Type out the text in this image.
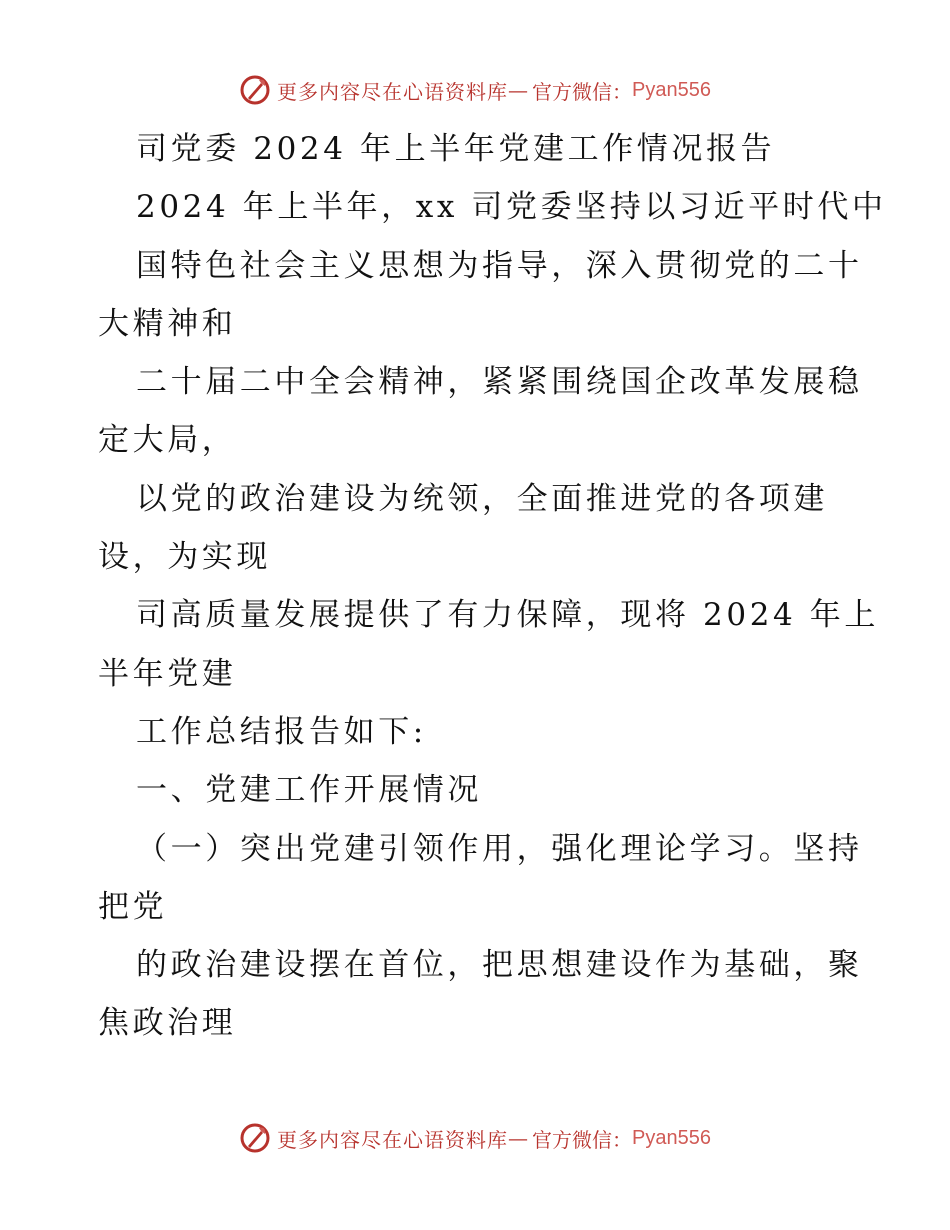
更多内容尽在心语资料库 — 官方微信： Pyan556
司党委 2024 年上半年党建工作情况报告
2024 年上半年，xx 司党委坚持以习近平时代中
国特色社会主义思想为指导，深入贯彻党的二十
大精神和
二十届二中全会精神，紧紧围绕国企改革发展稳
定大局，
以党的政治建设为统领，全面推进党的各项建
设，为实现
司高质量发展提供了有力保障，现将 2024 年上
半年党建
工作总结报告如下:
一、党建工作开展情况
（一）突出党建引领作用，强化理论学习。坚持
把党
的政治建设摆在首位，把思想建设作为基础，聚
焦政治理
更多内容尽在心语资料库 — 官方微信： Pyan556
